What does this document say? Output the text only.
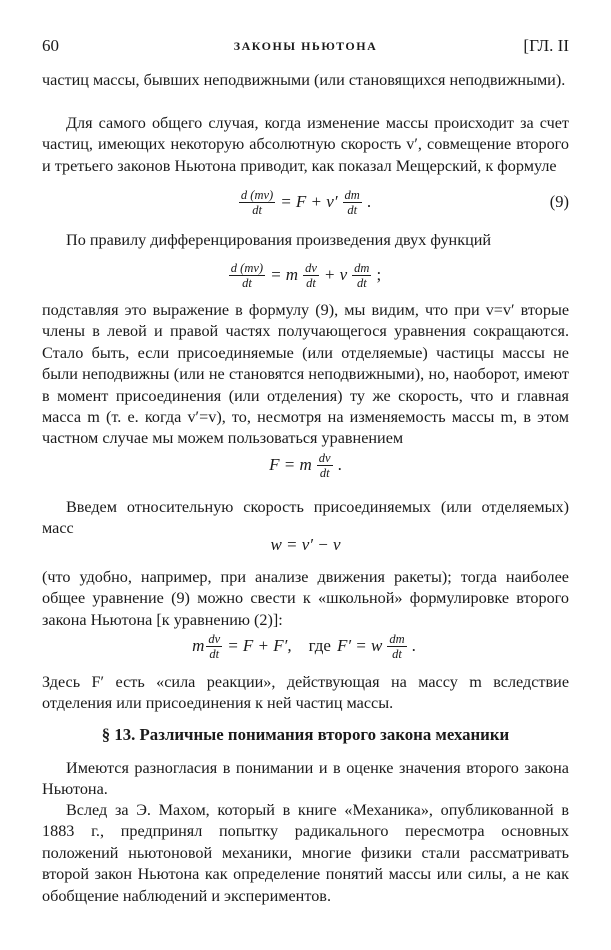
60	ЗАКОНЫ НЬЮТОНА	[ГЛ. II

частиц массы, бывших неподвижными (или становящихся неподвижными).

Для самого общего случая, когда изменение массы происходит за счет частиц, имеющих некоторую абсолютную скорость v′, совмещение второго и третьего законов Ньютона приводит, как показал Мещерский, к формуле

$\frac{d (mv)}{dt} = F + v' \frac{dm}{dt}$ .	(9)

По правилу дифференцирования произведения двух функций

$\frac{d (mv)}{dt} = m \frac{dv}{dt} + v \frac{dm}{dt}$ ;

подставляя это выражение в формулу (9), мы видим, что при v=v′ вторые члены в левой и правой частях получающегося уравнения сокращаются. Стало быть, если присоединяемые (или отделяемые) частицы массы не были неподвижны (или не становятся неподвижными), но, наоборот, имеют в момент присоединения (или отделения) ту же скорость, что и главная масса m (т. е. когда v′=v), то, несмотря на изменяемость массы m, в этом частном случае мы можем пользоваться уравнением

F = m $\frac{dv}{dt}$ .

Введем относительную скорость присоединяемых (или отделяемых) масс

w = v′ − v

(что удобно, например, при анализе движения ракеты); тогда наиболее общее уравнение (9) можно свести к «школьной» формулировке второго закона Ньютона [к уравнению (2)]:

m $\frac{dv}{dt} = F + F'$, где F′ = w $\frac{dm}{dt}$ .

Здесь F′ есть «сила реакции», действующая на массу m вследствие отделения или присоединения к ней частиц массы.

§ 13. Различные понимания второго закона механики

Имеются разногласия в понимании и в оценке значения второго закона Ньютона.

Вслед за Э. Махом, который в книге «Механика», опубликованной в 1883 г., предпринял попытку радикального пересмотра основных положений ньютоновой механики, многие физики стали рассматривать второй закон Ньютона как определение понятий массы или силы, а не как обобщение наблюдений и экспериментов.
